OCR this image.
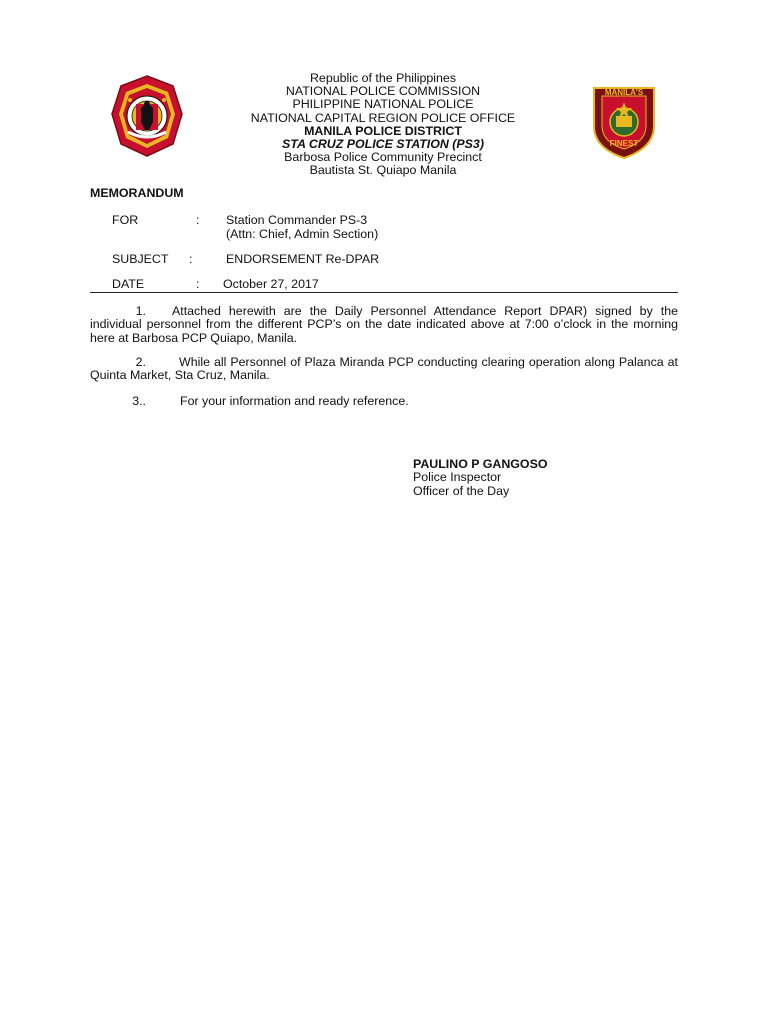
MANILA'S
FINEST
Republic of the Philippines
NATIONAL POLICE COMMISSION
PHILIPPINE NATIONAL POLICE
NATIONAL CAPITAL REGION POLICE OFFICE
MANILA POLICE DISTRICT
STA CRUZ POLICE STATION (PS3)
Barbosa Police Community Precinct
Bautista St. Quiapo Manila
MEMORANDUM
FOR	: Station Commander PS-3
(Attn: Chief, Admin Section)
SUBJECT :	ENDORSEMENT Re-DPAR
DATE	: October 27, 2017
1. Attached herewith are the Daily Personnel Attendance Report DPAR) signed by the individual personnel from the different PCP’s on the date indicated above at 7:00 o’clock in the morning here at Barbosa PCP Quiapo, Manila.
2.	While all Personnel of Plaza Miranda PCP conducting clearing operation along Palanca at Quinta Market, Sta Cruz, Manila.
3..	For your information and ready reference.
PAULINO P GANGOSO
Police Inspector
Officer of the Day
